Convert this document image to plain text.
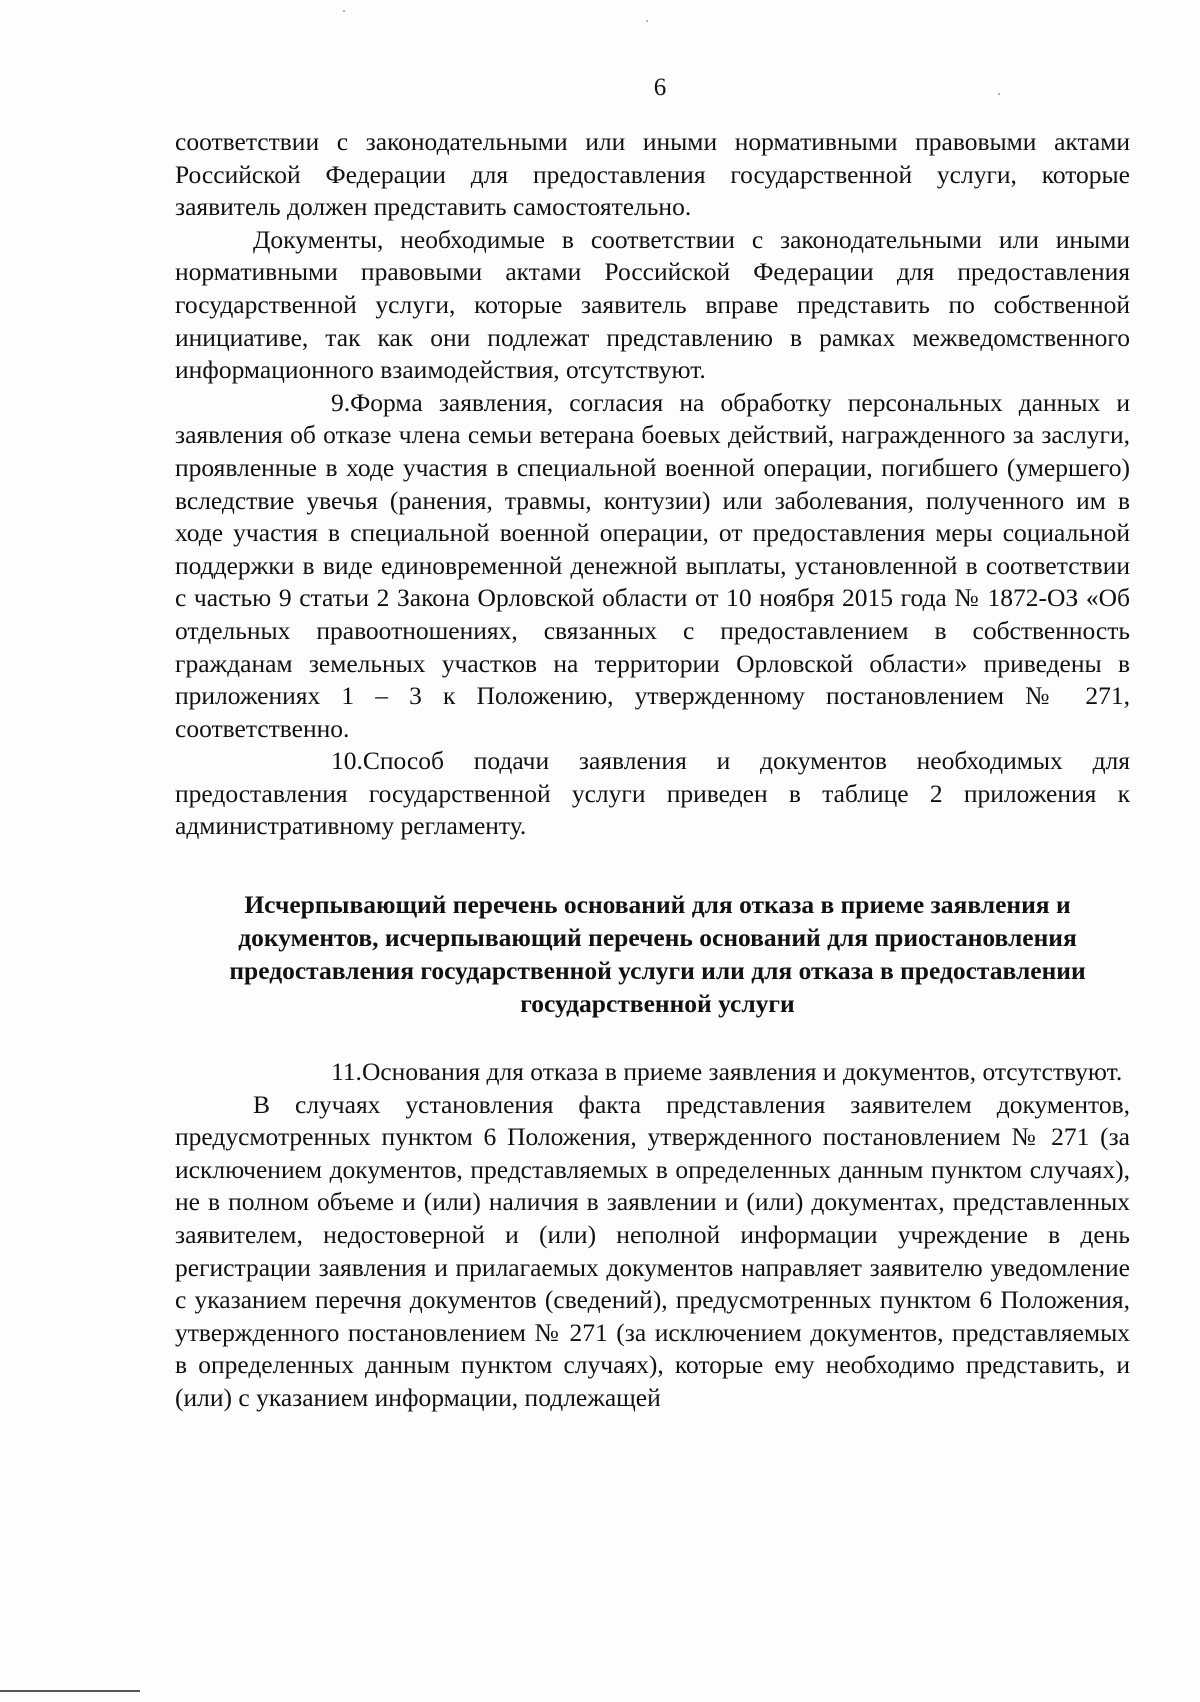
6

соответствии с законодательными или иными нормативными правовыми актами Российской Федерации для предоставления государственной услуги, которые заявитель должен представить самостоятельно.

Документы, необходимые в соответствии с законодательными или иными нормативными правовыми актами Российской Федерации для предоставления государственной услуги, которые заявитель вправе представить по собственной инициативе, так как они подлежат представлению в рамках межведомственного информационного взаимодействия, отсутствуют.

9.Форма заявления, согласия на обработку персональных данных и заявления об отказе члена семьи ветерана боевых действий, награжденного за заслуги, проявленные в ходе участия в специальной военной операции, погибшего (умершего) вследствие увечья (ранения, травмы, контузии) или заболевания, полученного им в ходе участия в специальной военной операции, от предоставления меры социальной поддержки в виде единовременной денежной выплаты, установленной в соответствии с частью 9 статьи 2 Закона Орловской области от 10 ноября 2015 года № 1872-ОЗ «Об отдельных правоотношениях, связанных с предоставлением в собственность гражданам земельных участков на территории Орловской области» приведены в приложениях 1 – 3 к Положению, утвержденному постановлением № 271, соответственно.

10.Способ подачи заявления и документов необходимых для предоставления государственной услуги приведен в таблице 2 приложения к административному регламенту.

Исчерпывающий перечень оснований для отказа в приеме заявления и документов, исчерпывающий перечень оснований для приостановления предоставления государственной услуги или для отказа в предоставлении государственной услуги

11.Основания для отказа в приеме заявления и документов, отсутствуют.

В случаях установления факта представления заявителем документов, предусмотренных пунктом 6 Положения, утвержденного постановлением № 271 (за исключением документов, представляемых в определенных данным пунктом случаях), не в полном объеме и (или) наличия в заявлении и (или) документах, представленных заявителем, недостоверной и (или) неполной информации учреждение в день регистрации заявления и прилагаемых документов направляет заявителю уведомление с указанием перечня документов (сведений), предусмотренных пунктом 6 Положения, утвержденного постановлением № 271 (за исключением документов, представляемых в определенных данным пунктом случаях), которые ему необходимо представить, и (или) с указанием информации, подлежащей
